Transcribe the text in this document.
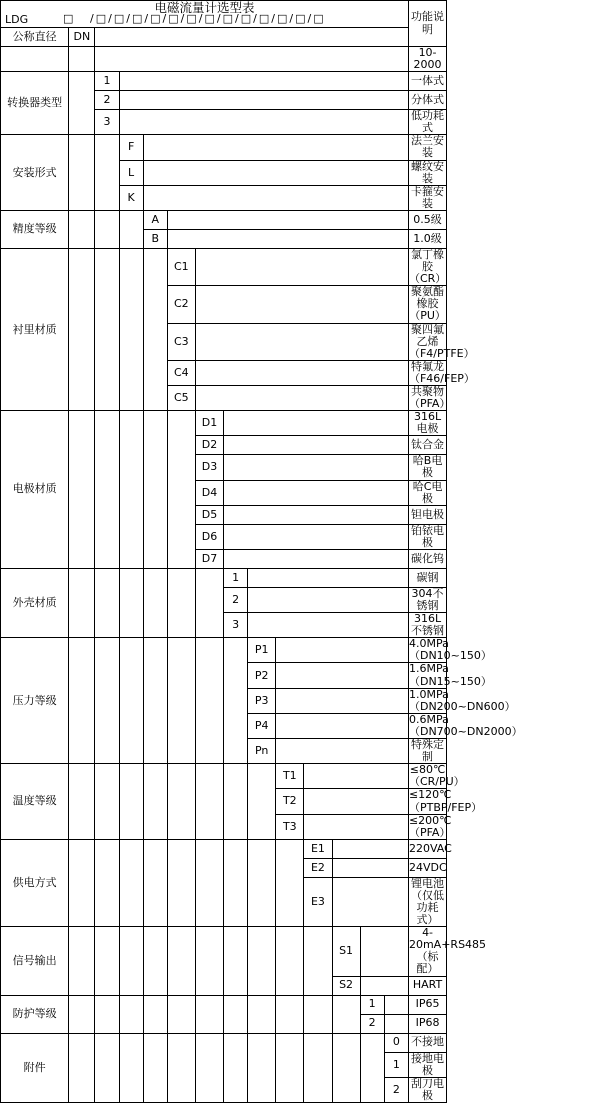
电磁流量计选型表
LDG □ / □ / □ / □ / □ / □ / □ / □ / □ / □ / □ / □ / □ / □														功能说明
公称直径	DN													
														10-2000
转换器类型		1												一体式
		2												分体式
		3												低功耗式
安装形式			F											法兰安装
			L											螺纹安装
			K											卡箍安装
精度等级				A										0.5级
				B										1.0级
衬里材质					C1									氯丁橡胶（CR）
					C2									聚氨酯橡胶（PU）
					C3									聚四氟乙烯（F4/PTFE）
					C4									特氟龙（F46/FEP）
					C5									共聚物（PFA）
电极材质						D1								316L电极
						D2								钛合金
						D3								哈B电极
						D4								哈C电极
						D5								钽电极
						D6								铂铱电极
						D7								碳化钨
外壳材质							1							碳钢
							2							304不锈钢
							3							316L不锈钢
压力等级								P1						4.0MPa（DN10~150）
								P2						1.6MPa（DN15~150）
								P3						1.0MPa（DN200~DN600）
								P4						0.6MPa（DN700~DN2000）
								Pn						特殊定制
温度等级									T1					≤80℃（CR/PU）
									T2					≤120℃（PTBP/FEP）
									T3					≤200℃（PFA）
供电方式										E1				220VAC
										E2				24VDC
										E3				锂电池（仅低功耗式）
信号输出											S1			4-20mA+RS485（标配）
											S2			HART
防护等级												1		IP65
												2		IP68
附件													0	不接地
													1	接地电极
													2	刮刀电极
